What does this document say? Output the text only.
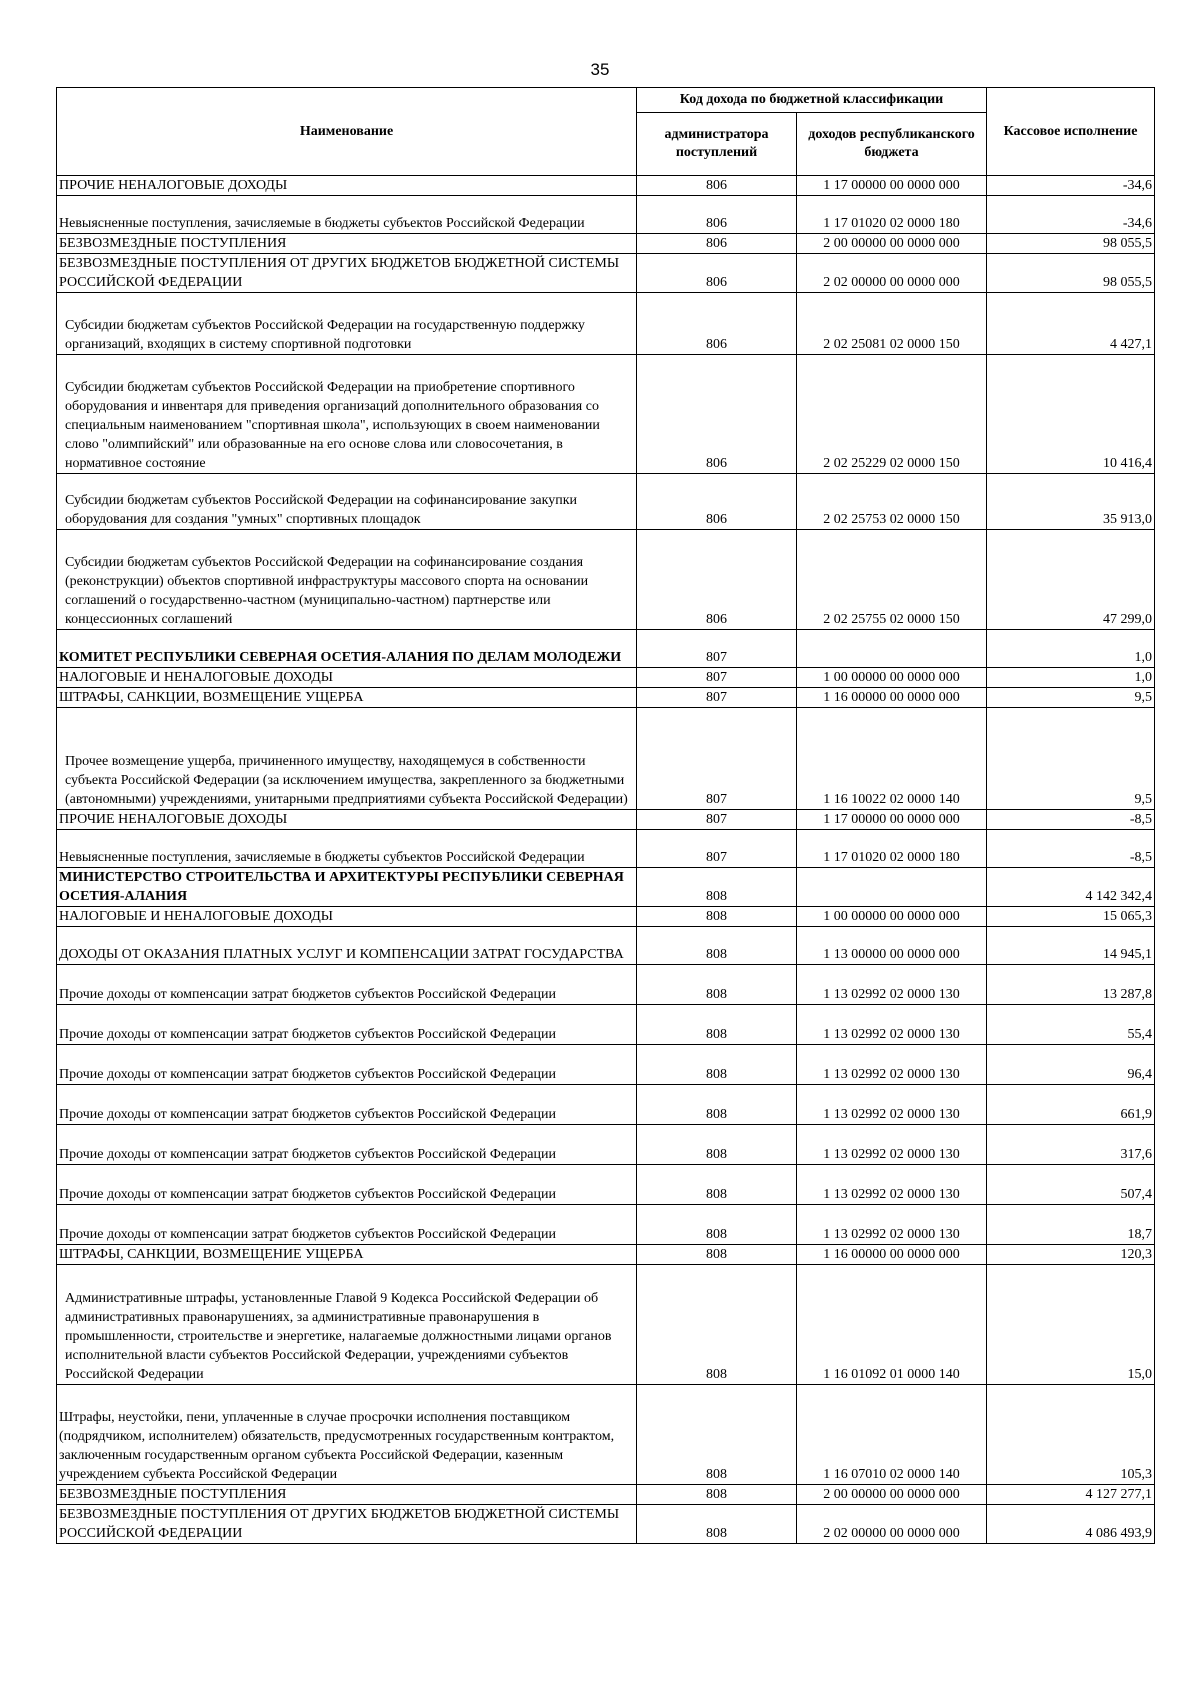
35
Наименование	Код дохода по бюджетной классификации		Кассовое исполнение
	администратора поступлений	доходов республиканского бюджета	
ПРОЧИЕ НЕНАЛОГОВЫЕ ДОХОДЫ	806	1 17 00000 00 0000 000	-34,6
Невыясненные поступления, зачисляемые в бюджеты субъектов Российской Федерации	806	1 17 01020 02 0000 180	-34,6
БЕЗВОЗМЕЗДНЫЕ ПОСТУПЛЕНИЯ	806	2 00 00000 00 0000 000	98 055,5
БЕЗВОЗМЕЗДНЫЕ ПОСТУПЛЕНИЯ ОТ ДРУГИХ БЮДЖЕТОВ БЮДЖЕТНОЙ СИСТЕМЫ РОССИЙСКОЙ ФЕДЕРАЦИИ	806	2 02 00000 00 0000 000	98 055,5
Субсидии бюджетам субъектов Российской Федерации на государственную поддержку организаций, входящих в систему спортивной подготовки	806	2 02 25081 02 0000 150	4 427,1
Субсидии бюджетам субъектов Российской Федерации на приобретение спортивного оборудования и инвентаря для приведения организаций дополнительного образования со специальным наименованием "спортивная школа", использующих в своем наименовании слово "олимпийский" или образованные на его основе слова или словосочетания, в нормативное состояние	806	2 02 25229 02 0000 150	10 416,4
Субсидии бюджетам субъектов Российской Федерации на софинансирование закупки оборудования для создания "умных" спортивных площадок	806	2 02 25753 02 0000 150	35 913,0
Субсидии бюджетам субъектов Российской Федерации на софинансирование создания (реконструкции) объектов спортивной инфраструктуры массового спорта на основании соглашений о государственно-частном (муниципально-частном) партнерстве или концессионных соглашений	806	2 02 25755 02 0000 150	47 299,0
КОМИТЕТ РЕСПУБЛИКИ СЕВЕРНАЯ ОСЕТИЯ-АЛАНИЯ ПО ДЕЛАМ МОЛОДЕЖИ	807		1,0
НАЛОГОВЫЕ И НЕНАЛОГОВЫЕ ДОХОДЫ	807	1 00 00000 00 0000 000	1,0
ШТРАФЫ, САНКЦИИ, ВОЗМЕЩЕНИЕ УЩЕРБА	807	1 16 00000 00 0000 000	9,5
Прочее возмещение ущерба, причиненного имуществу, находящемуся в собственности субъекта Российской Федерации (за исключением имущества, закрепленного за бюджетными (автономными) учреждениями, унитарными предприятиями субъекта Российской Федерации)	807	1 16 10022 02 0000 140	9,5
ПРОЧИЕ НЕНАЛОГОВЫЕ ДОХОДЫ	807	1 17 00000 00 0000 000	-8,5
Невыясненные поступления, зачисляемые в бюджеты субъектов Российской Федерации	807	1 17 01020 02 0000 180	-8,5
МИНИСТЕРСТВО СТРОИТЕЛЬСТВА И АРХИТЕКТУРЫ РЕСПУБЛИКИ СЕВЕРНАЯ ОСЕТИЯ-АЛАНИЯ	808		4 142 342,4
НАЛОГОВЫЕ И НЕНАЛОГОВЫЕ ДОХОДЫ	808	1 00 00000 00 0000 000	15 065,3
ДОХОДЫ ОТ ОКАЗАНИЯ ПЛАТНЫХ УСЛУГ И КОМПЕНСАЦИИ ЗАТРАТ ГОСУДАРСТВА	808	1 13 00000 00 0000 000	14 945,1
Прочие доходы от компенсации затрат бюджетов субъектов Российской Федерации	808	1 13 02992 02 0000 130	13 287,8
Прочие доходы от компенсации затрат бюджетов субъектов Российской Федерации	808	1 13 02992 02 0000 130	55,4
Прочие доходы от компенсации затрат бюджетов субъектов Российской Федерации	808	1 13 02992 02 0000 130	96,4
Прочие доходы от компенсации затрат бюджетов субъектов Российской Федерации	808	1 13 02992 02 0000 130	661,9
Прочие доходы от компенсации затрат бюджетов субъектов Российской Федерации	808	1 13 02992 02 0000 130	317,6
Прочие доходы от компенсации затрат бюджетов субъектов Российской Федерации	808	1 13 02992 02 0000 130	507,4
Прочие доходы от компенсации затрат бюджетов субъектов Российской Федерации	808	1 13 02992 02 0000 130	18,7
ШТРАФЫ, САНКЦИИ, ВОЗМЕЩЕНИЕ УЩЕРБА	808	1 16 00000 00 0000 000	120,3
Административные штрафы, установленные Главой 9 Кодекса Российской Федерации об административных правонарушениях, за административные правонарушения в промышленности, строительстве и энергетике, налагаемые должностными лицами органов исполнительной власти субъектов Российской Федерации, учреждениями субъектов Российской Федерации	808	1 16 01092 01 0000 140	15,0
Штрафы, неустойки, пени, уплаченные в случае просрочки исполнения поставщиком (подрядчиком, исполнителем) обязательств, предусмотренных государственным контрактом, заключенным государственным органом субъекта Российской Федерации, казенным учреждением субъекта Российской Федерации	808	1 16 07010 02 0000 140	105,3
БЕЗВОЗМЕЗДНЫЕ ПОСТУПЛЕНИЯ	808	2 00 00000 00 0000 000	4 127 277,1
БЕЗВОЗМЕЗДНЫЕ ПОСТУПЛЕНИЯ ОТ ДРУГИХ БЮДЖЕТОВ БЮДЖЕТНОЙ СИСТЕМЫ РОССИЙСКОЙ ФЕДЕРАЦИИ	808	2 02 00000 00 0000 000	4 086 493,9
